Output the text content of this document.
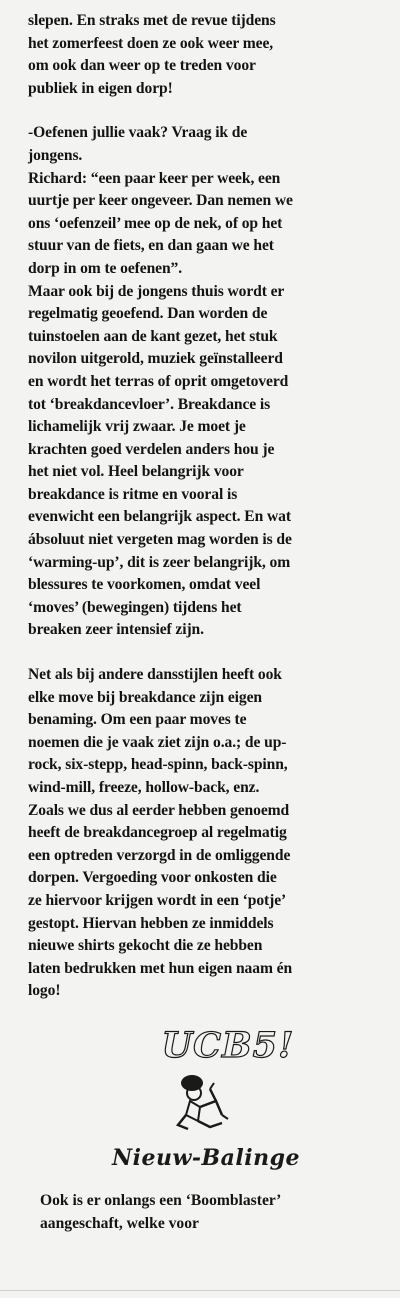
slepen. En straks met de revue tijdens

het zomerfeest doen ze ook weer mee,

om ook dan weer op te treden voor

publiek in eigen dorp!

-Oefenen jullie vaak? Vraag ik de

jongens.

Richard: “een paar keer per week, een

uurtje per keer ongeveer. Dan nemen we

ons ‘oefenzeil’ mee op de nek, of op het

stuur van de fiets, en dan gaan we het

dorp in om te oefenen”.

Maar ook bij de jongens thuis wordt er

regelmatig geoefend. Dan worden de

tuinstoelen aan de kant gezet, het stuk

novilon uitgerold, muziek geïnstalleerd

en wordt het terras of oprit omgetoverd

tot ‘breakdancevloer’. Breakdance is

lichamelijk vrij zwaar. Je moet je

krachten goed verdelen anders hou je

het niet vol. Heel belangrijk voor

breakdance is ritme en vooral is

evenwicht een belangrijk aspect. En wat

ábsoluut niet vergeten mag worden is de

‘warming-up’, dit is zeer belangrijk, om

blessures te voorkomen, omdat veel

‘moves’ (bewegingen) tijdens het

breaken zeer intensief zijn.

Net als bij andere dansstijlen heeft ook

elke move bij breakdance zijn eigen

benaming. Om een paar moves te

noemen die je vaak ziet zijn o.a.; de up-

rock, six-stepp, head-spinn, back-spinn,

wind-mill, freeze, hollow-back, enz.

Zoals we dus al eerder hebben genoemd

heeft de breakdancegroep al regelmatig

een optreden verzorgd in de omliggende

dorpen. Vergoeding voor onkosten die

ze hiervoor krijgen wordt in een ‘potje’

gestopt. Hiervan hebben ze inmiddels

nieuwe shirts gekocht die ze hebben

laten bedrukken met hun eigen naam én

logo!

UCB5!
Nieuw-Balinge

Ook is er onlangs een ‘Boomblaster’

aangeschaft, welke voor
